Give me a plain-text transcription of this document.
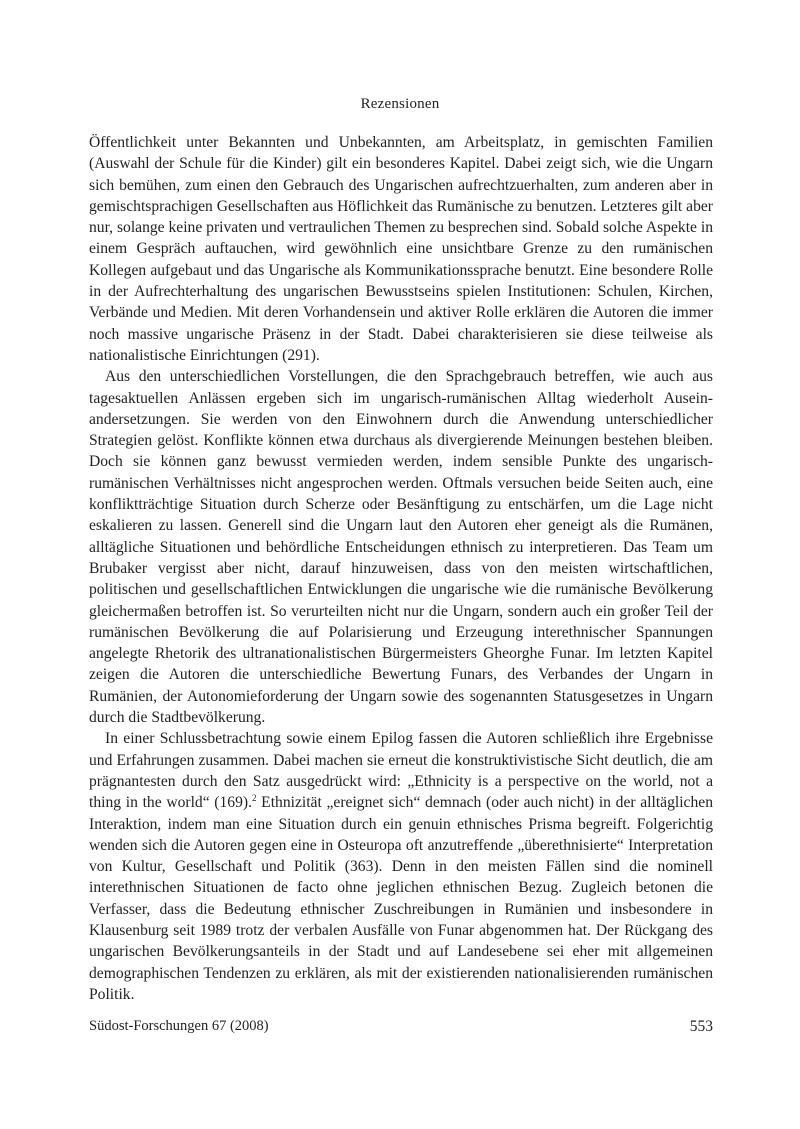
Rezensionen

Öffentlichkeit unter Bekannten und Unbekannten, am Arbeitsplatz, in gemischten Familien (Auswahl der Schule für die Kinder) gilt ein besonderes Kapitel. Dabei zeigt sich, wie die Ungarn sich bemühen, zum einen den Gebrauch des Ungarischen aufrechtzuerhalten, zum anderen aber in gemischtsprachigen Gesellschaften aus Höflichkeit das Rumänische zu benutzen. Letzteres gilt aber nur, solange keine privaten und vertraulichen Themen zu besprechen sind. Sobald solche Aspekte in einem Gespräch auftauchen, wird gewöhnlich eine unsichtbare Grenze zu den rumänischen Kollegen aufgebaut und das Ungarische als Kommunikationssprache benutzt. Eine besondere Rolle in der Aufrechterhaltung des ungarischen Bewusstseins spielen Institutionen: Schulen, Kirchen, Verbände und Medien. Mit deren Vorhandensein und aktiver Rolle erklären die Autoren die immer noch massive ungarische Präsenz in der Stadt. Dabei charakterisieren sie diese teilweise als nationalistische Einrichtungen (291).

Aus den unterschiedlichen Vorstellungen, die den Sprachgebrauch betreffen, wie auch aus tagesaktuellen Anlässen ergeben sich im ungarisch-rumänischen Alltag wiederholt Auseinandersetzungen. Sie werden von den Einwohnern durch die Anwendung unterschiedlicher Strategien gelöst. Konflikte können etwa durchaus als divergierende Meinungen bestehen bleiben. Doch sie können ganz bewusst vermieden werden, indem sensible Punkte des ungarisch-rumänischen Verhältnisses nicht angesprochen werden. Oftmals versuchen beide Seiten auch, eine konfliktträchtige Situation durch Scherze oder Besänftigung zu entschärfen, um die Lage nicht eskalieren zu lassen. Generell sind die Ungarn laut den Autoren eher geneigt als die Rumänen, alltägliche Situationen und behördliche Entscheidungen ethnisch zu interpretieren. Das Team um Brubaker vergisst aber nicht, darauf hinzuweisen, dass von den meisten wirtschaftlichen, politischen und gesellschaftlichen Entwicklungen die ungarische wie die rumänische Bevölkerung gleichermaßen betroffen ist. So verurteilten nicht nur die Ungarn, sondern auch ein großer Teil der rumänischen Bevölkerung die auf Polarisierung und Erzeugung interethnischer Spannungen angelegte Rhetorik des ultranationalistischen Bürgermeisters Gheorghe Funar. Im letzten Kapitel zeigen die Autoren die unterschiedliche Bewertung Funars, des Verbandes der Ungarn in Rumänien, der Autonomieforderung der Ungarn sowie des sogenannten Statusgesetzes in Ungarn durch die Stadtbevölkerung.

In einer Schlussbetrachtung sowie einem Epilog fassen die Autoren schließlich ihre Ergebnisse und Erfahrungen zusammen. Dabei machen sie erneut die konstruktivistische Sicht deutlich, die am prägnantesten durch den Satz ausgedrückt wird: „Ethnicity is a perspective on the world, not a thing in the world“ (169).$^2$ Ethnizität „ereignet sich“ demnach (oder auch nicht) in der alltäglichen Interaktion, indem man eine Situation durch ein genuin ethnisches Prisma begreift. Folgerichtig wenden sich die Autoren gegen eine in Osteuropa oft anzutreffende „überethnisierte“ Interpretation von Kultur, Gesellschaft und Politik (363). Denn in den meisten Fällen sind die nominell interethnischen Situationen de facto ohne jeglichen ethnischen Bezug. Zugleich betonen die Verfasser, dass die Bedeutung ethnischer Zuschreibungen in Rumänien und insbesondere in Klausenburg seit 1989 trotz der verbalen Ausfälle von Funar abgenommen hat. Der Rückgang des ungarischen Bevölkerungsanteils in der Stadt und auf Landesebene sei eher mit allgemeinen demographischen Tendenzen zu erklären, als mit der existierenden nationalisierenden rumänischen Politik.

Südost-Forschungen 67 (2008)	553
